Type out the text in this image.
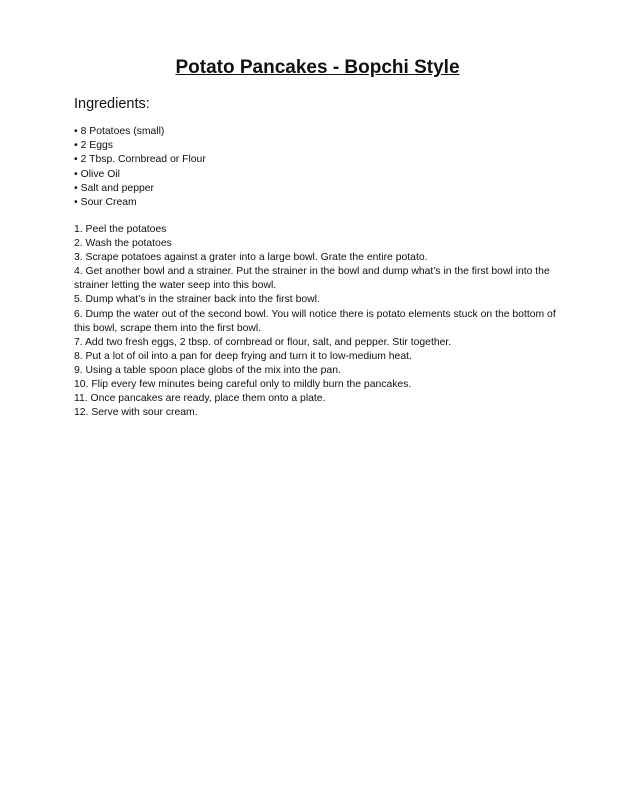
Potato Pancakes - Bopchi Style
Ingredients:
• 8 Potatoes (small)
• 2 Eggs
• 2 Tbsp. Cornbread or Flour
• Olive Oil
• Salt and pepper
• Sour Cream
1. Peel the potatoes
2. Wash the potatoes
3. Scrape potatoes against a grater into a large bowl. Grate the entire potato.
4. Get another bowl and a strainer. Put the strainer in the bowl and dump what’s in the first bowl into the strainer letting the water seep into this bowl.
5. Dump what’s in the strainer back into the first bowl.
6. Dump the water out of the second bowl. You will notice there is potato elements stuck on the bottom of this bowl, scrape them into the first bowl.
7. Add two fresh eggs, 2 tbsp. of cornbread or flour, salt, and pepper. Stir together.
8. Put a lot of oil into a pan for deep frying and turn it to low-medium heat.
9. Using a table spoon place globs of the mix into the pan.
10. Flip every few minutes being careful only to mildly burn the pancakes.
11. Once pancakes are ready, place them onto a plate.
12. Serve with sour cream.
